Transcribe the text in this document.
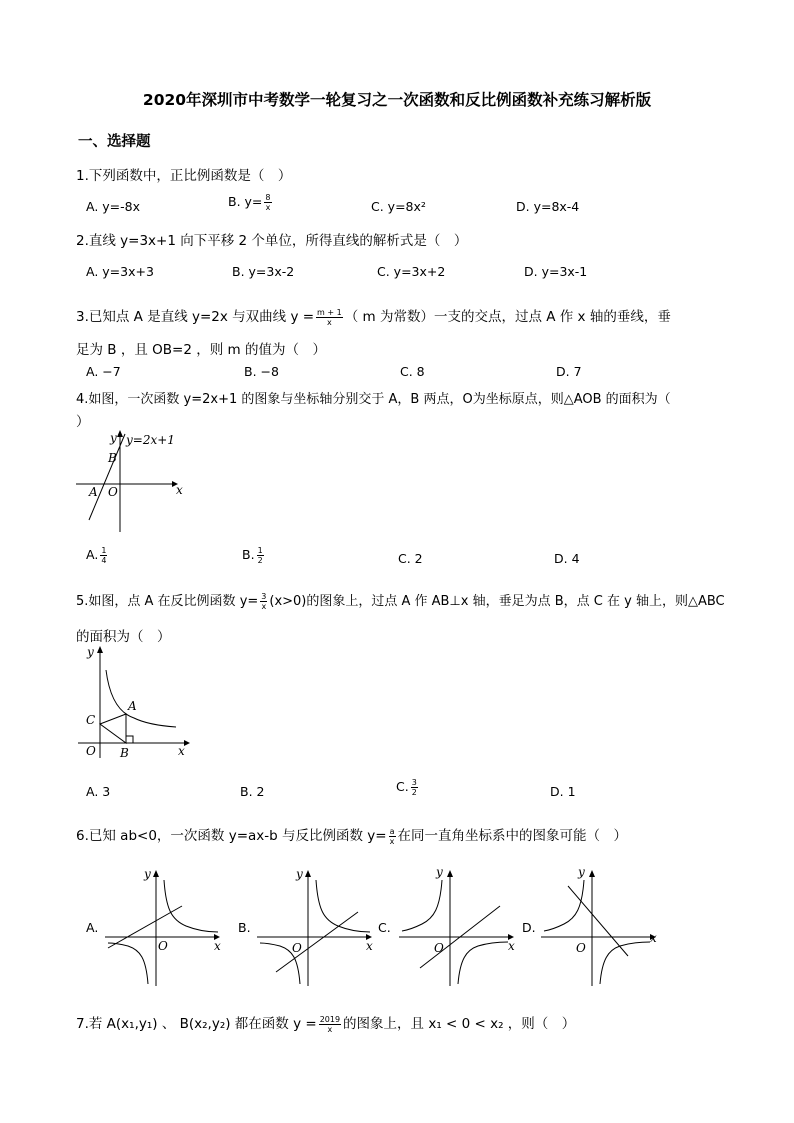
2020年深圳市中考数学一轮复习之一次函数和反比例函数补充练习解析版
一、选择题
1.下列函数中，正比例函数是（　）
A. y=-8x	B. $y= \frac{8}{x}$	C. y=8x²	D. y=8x-4
2.直线 y=3x+1 向下平移 2 个单位，所得直线的解析式是（　）
A. y=3x+3	B. y=3x-2	C. y=3x+2	D. y=3x-1
3.已知点 A 是直线 y=2x 与双曲线 $y = \frac{m + 1}{x}$ （ m 为常数）一支的交点，过点 A 作 x 轴的垂线，垂
足为 B ，且 OB=2 ，则 m 的值为（　）
A. −7	B. −8	C. 8	D. 7
4.如图，一次函数 y=2x+1 的图象与坐标轴分别交于 A，B 两点，O为坐标原点，则△AOB 的面积为（
）
y y=2x+1
x
B
A O
A. $\frac{1}{4}$	B. $\frac{1}{2}$	C. 2	D. 4
5.如图，点 A 在反比例函数 $y= \frac{3}{x} (x>0)$的图象上，过点 A 作 AB⊥x 轴，垂足为点 B，点 C 在 y 轴上，则△ABC
的面积为（　）
y
x
A
B
C
O
A. 3	B. 2	C. $\frac{3}{2}$	D. 1
6.已知 ab<0，一次函数 y=ax-b 与反比例函数 $y= \frac{a}{x}$ 在同一直角坐标系中的图象可能（　）
A.
y
x
O
B.
y
x
O
C.
y
x
O
D.
y
x
O
7.若 A(x₁,y₁) 、 B(x₂,y₂) 都在函数 $y = \frac{2019}{x}$ 的图象上，且 x₁ < 0 < x₂ ，则（　）
